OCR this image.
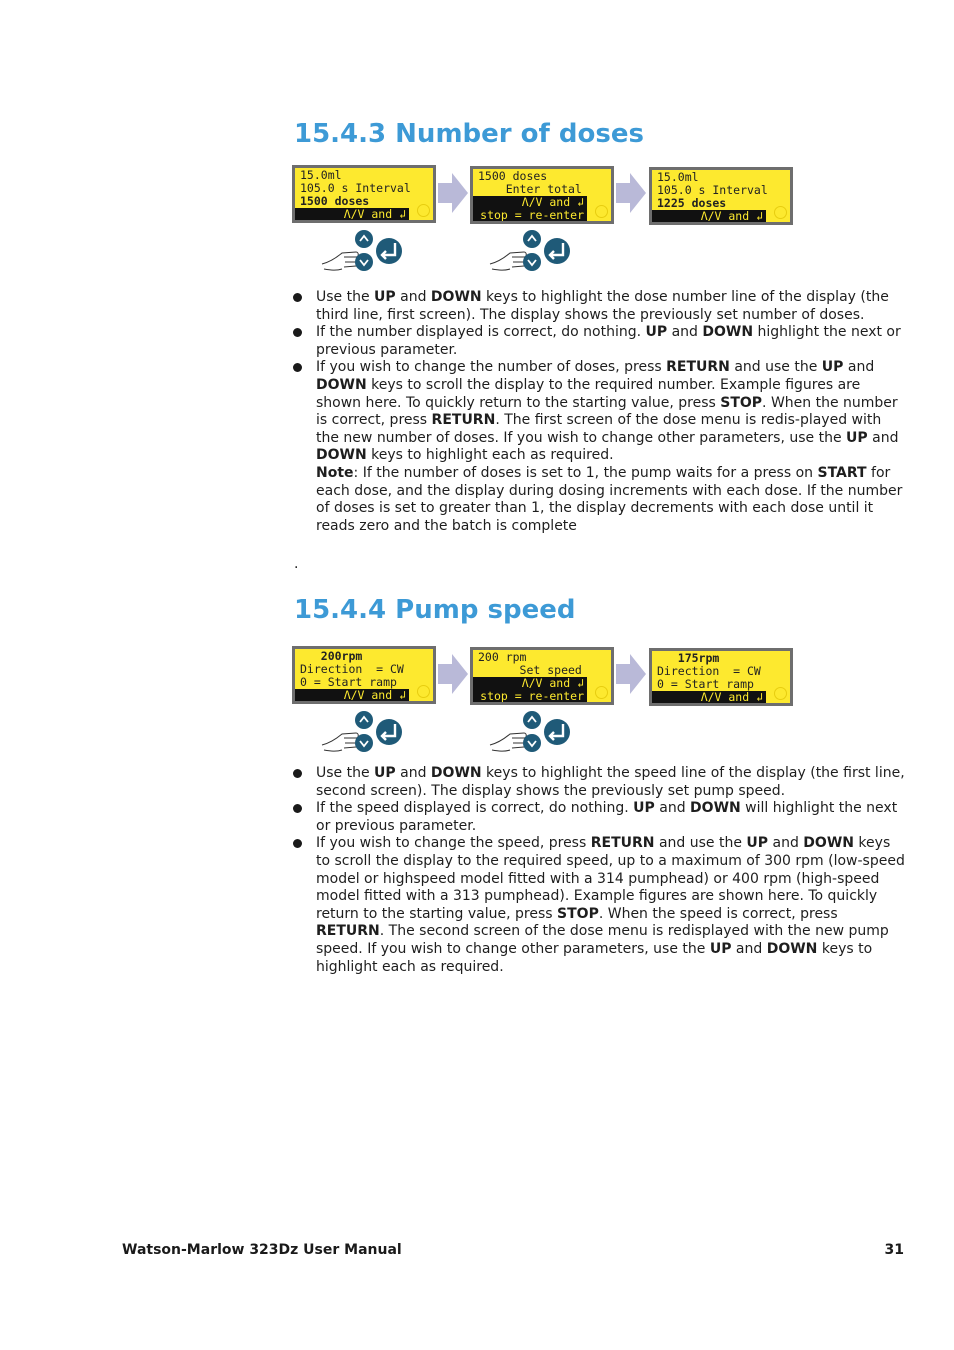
15.4.3 Number of doses
15.0ml
105.0 s Interval
1500 doses
Λ/V and ↲
1500 doses
Enter total
Λ/V and ↲
stop = re-enter
15.0ml
105.0 s Interval
1225 doses
Λ/V and ↲
Use the UP and DOWN keys to highlight the dose number line of the display (the third line, first screen). The display shows the previously set number of doses.
If the number displayed is correct, do nothing. UP and DOWN highlight the next or previous parameter.
If you wish to change the number of doses, press RETURN and use the UP and DOWN keys to scroll the display to the required number. Example figures are shown here. To quickly return to the starting value, press STOP. When the number is correct, press RETURN. The first screen of the dose menu is redis-played with the new number of doses. If you wish to change other parameters, use the UP and DOWN keys to highlight each as required.
Note: If the number of doses is set to 1, the pump waits for a press on START for each dose, and the display during dosing increments with each dose. If the number of doses is set to greater than 1, the display decrements with each dose until it reads zero and the batch is complete
.
15.4.4 Pump speed
200rpm
Direction  = CW
0 = Start ramp
Λ/V and ↲
200 rpm
Set speed
Λ/V and ↲
stop = re-enter
175rpm
Direction  = CW
0 = Start ramp
Λ/V and ↲
Use the UP and DOWN keys to highlight the speed line of the display (the first line, second screen). The display shows the previously set pump speed.
If the speed displayed is correct, do nothing. UP and DOWN will highlight the next or previous parameter.
If you wish to change the speed, press RETURN and use the UP and DOWN keys to scroll the display to the required speed, up to a maximum of 300 rpm (low-speed model or highspeed model fitted with a 314 pumphead) or 400 rpm (high-speed model fitted with a 313 pumphead). Example figures are shown here. To quickly return to the starting value, press STOP. When the speed is correct, press RETURN. The second screen of the dose menu is redisplayed with the new pump speed. If you wish to change other parameters, use the UP and DOWN keys to highlight each as required.
Watson-Marlow 323Dz User Manual	31
